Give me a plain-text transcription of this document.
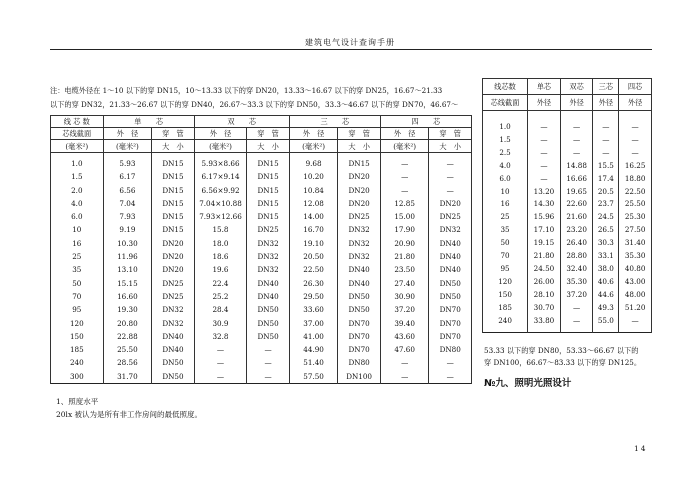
建筑电气设计查询手册
注：电缆外径在 1～10 以下的穿 DN15，10～13.33 以下的穿 DN20，13.33～16.67 以下的穿 DN25，16.67～21.33
以下的穿 DN32，21.33～26.67 以下的穿 DN40，26.67～33.3 以下的穿 DN50，33.3～46.67 以下的穿 DN70，46.67～
线 芯 数	单　　芯		双　　芯		三　　芯		四　　芯	
芯线截面	外　径	穿　管	外　径	穿　管	外　径	穿　管	外　径	穿　管
(毫米²)	(毫米²)	大　小	(毫米²)	大　小	(毫米²)	大　小	(毫米²)	大　小
1.0	5.93	DN15	5.93×8.66	DN15	9.68	DN15	—	—
1.5	6.17	DN15	6.17×9.14	DN15	10.20	DN20	—	—
2.0	6.56	DN15	6.56×9.92	DN15	10.84	DN20	—	—
4.0	7.04	DN15	7.04×10.88	DN15	12.08	DN20	12.85	DN20
6.0	7.93	DN15	7.93×12.66	DN15	14.00	DN25	15.00	DN25
10	9.19	DN15	15.8	DN25	16.70	DN32	17.90	DN32
16	10.30	DN20	18.0	DN32	19.10	DN32	20.90	DN40
25	11.96	DN20	18.6	DN32	20.50	DN32	21.80	DN40
35	13.10	DN20	19.6	DN32	22.50	DN40	23.50	DN40
50	15.15	DN25	22.4	DN40	26.30	DN40	27.40	DN50
70	16.60	DN25	25.2	DN40	29.50	DN50	30.90	DN50
95	19.30	DN32	28.4	DN50	33.60	DN50	37.20	DN70
120	20.80	DN32	30.9	DN50	37.00	DN70	39.40	DN70
150	22.88	DN40	32.8	DN50	41.00	DN70	43.60	DN70
185	25.50	DN40	—	—	44.90	DN70	47.60	DN80
240	28.56	DN50	—	—	51.40	DN80	—	—
300	31.70	DN50	—	—	57.50	DN100	—	—
线芯数	单芯	双芯	三芯	四芯
芯线截面	外径	外径	外径	外径
1.0	—	—	—	—
1.5	—	—	—	—
2.5	—	—	—	—
4.0	—	14.88	15.5	16.25
6.0	—	16.66	17.4	18.80
10	13.20	19.65	20.5	22.50
16	14.30	22.60	23.7	25.50
25	15.96	21.60	24.5	25.30
35	17.10	23.20	26.5	27.50
50	19.15	26.40	30.3	31.40
70	21.80	28.80	33.1	35.30
95	24.50	32.40	38.0	40.80
120	26.00	35.30	40.6	43.00
150	28.10	37.20	44.6	48.00
185	30.70	—	49.3	51.20
240	33.80	—	55.0	—
53.33 以下的穿 DN80，53.33～66.67 以下的
穿 DN100，66.67～83.33 以下的穿 DN125。
№九、照明光照设计
1、照度水平
20lx 被认为是所有非工作房间的最低照度。
14
